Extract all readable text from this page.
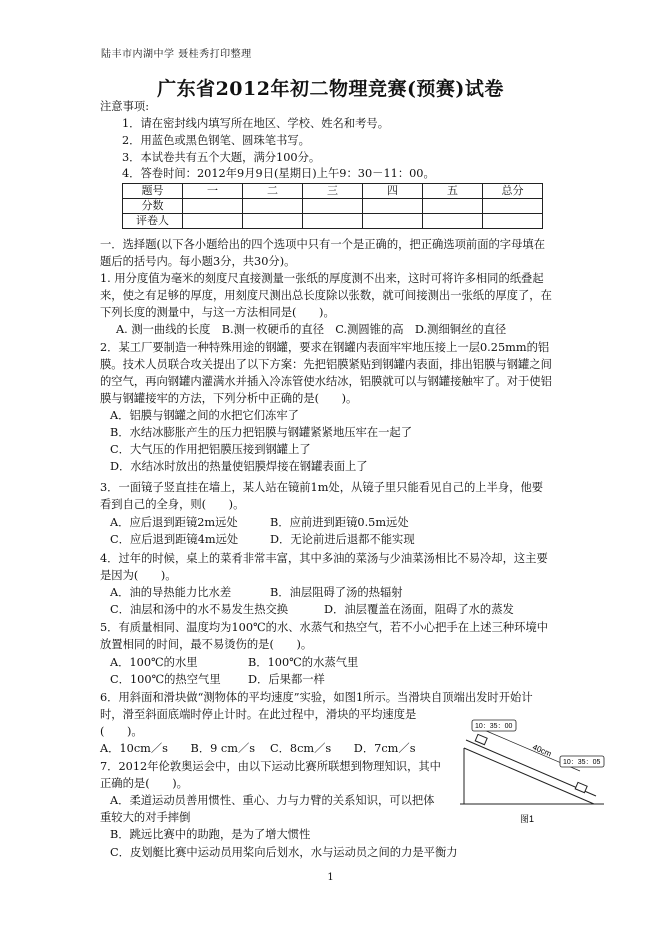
陆丰市内湖中学 聂桂秀打印整理
广东省2012年初二物理竞赛(预赛)试卷
注意事项:
1．请在密封线内填写所在地区、学校、姓名和考号。
2．用蓝色或黑色钢笔、圆珠笔书写。
3．本试卷共有五个大题，满分100分。
4．答卷时间：2012年9月9日(星期日)上午9：30－11：00。
题号	一	二	三	四	五	总分
分数						
评卷人						
一．选择题(以下各小题给出的四个选项中只有一个是正确的，把正确选项前面的字母填在
题后的括号内。每小题3分，共30分)。
1. 用分度值为毫米的刻度尺直接测量一张纸的厚度测不出来，这时可将许多相同的纸叠起
来，使之有足够的厚度，用刻度尺测出总长度除以张数，就可间接测出一张纸的厚度了，在
下列长度的测量中，与这一方法相同是(　　)。
A. 测一曲线的长度　B.测一枚硬币的直径　C.测圆锥的高　D.测细铜丝的直径
2．某工厂要制造一种特殊用途的钢罐，要求在钢罐内表面牢牢地压接上一层0.25mm的铝
膜。技术人员联合攻关提出了以下方案：先把铝膜紧贴到钢罐内表面，排出铝膜与钢罐之间
的空气，再向钢罐内灌满水并插入冷冻管使水结冰，铝膜就可以与钢罐接触牢了。对于使铝
膜与钢罐接牢的方法，下列分析中正确的是(　　)。
A．铝膜与钢罐之间的水把它们冻牢了
B．水结冰膨胀产生的压力把铝膜与钢罐紧紧地压牢在一起了
C．大气压的作用把铝膜压接到钢罐上了
D．水结冰时放出的热量使铝膜焊接在钢罐表面上了
3．一面镜子竖直挂在墙上，某人站在镜前1m处，从镜子里只能看见自己的上半身，他要
看到自己的全身，则(　　)。
A．应后退到距镜2m远处	B．应前进到距镜0.5m远处
C．应后退到距镜4m远处	D．无论前进后退都不能实现
4．过年的时候，桌上的菜肴非常丰富，其中多油的菜汤与少油菜汤相比不易冷却，这主要
是因为(　　)。
A．油的导热能力比水差	B．油层阻碍了汤的热辐射
C．油层和汤中的水不易发生热交换	D．油层覆盖在汤面，阻碍了水的蒸发
5．有质量相同、温度均为100℃的水、水蒸气和热空气，若不小心把手在上述三种环境中
放置相同的时间，最不易烫伤的是(　　)。
A．100℃的水里	B．100℃的水蒸气里
C．100℃的热空气里 D．后果都一样
6．用斜面和滑块做“测物体的平均速度”实验，如图1所示。当滑块自顶端出发时开始计
时，滑至斜面底端时停止计时。在此过程中，滑块的平均速度是
(　　)。
A．10cm／s　　B．9 cm／s　 C．8cm／s　　D．7cm／s
7．2012年伦敦奥运会中，由以下运动比赛所联想到物理知识，其中
正确的是(　　)。
A．柔道运动员善用惯性、重心、力与力臂的关系知识，可以把体
重较大的对手摔倒
B．跳远比赛中的助跑，是为了增大惯性
C．皮划艇比赛中运动员用桨向后划水，水与运动员之间的力是平衡力
40cm
10：35：00
10：35：05
图1
1
